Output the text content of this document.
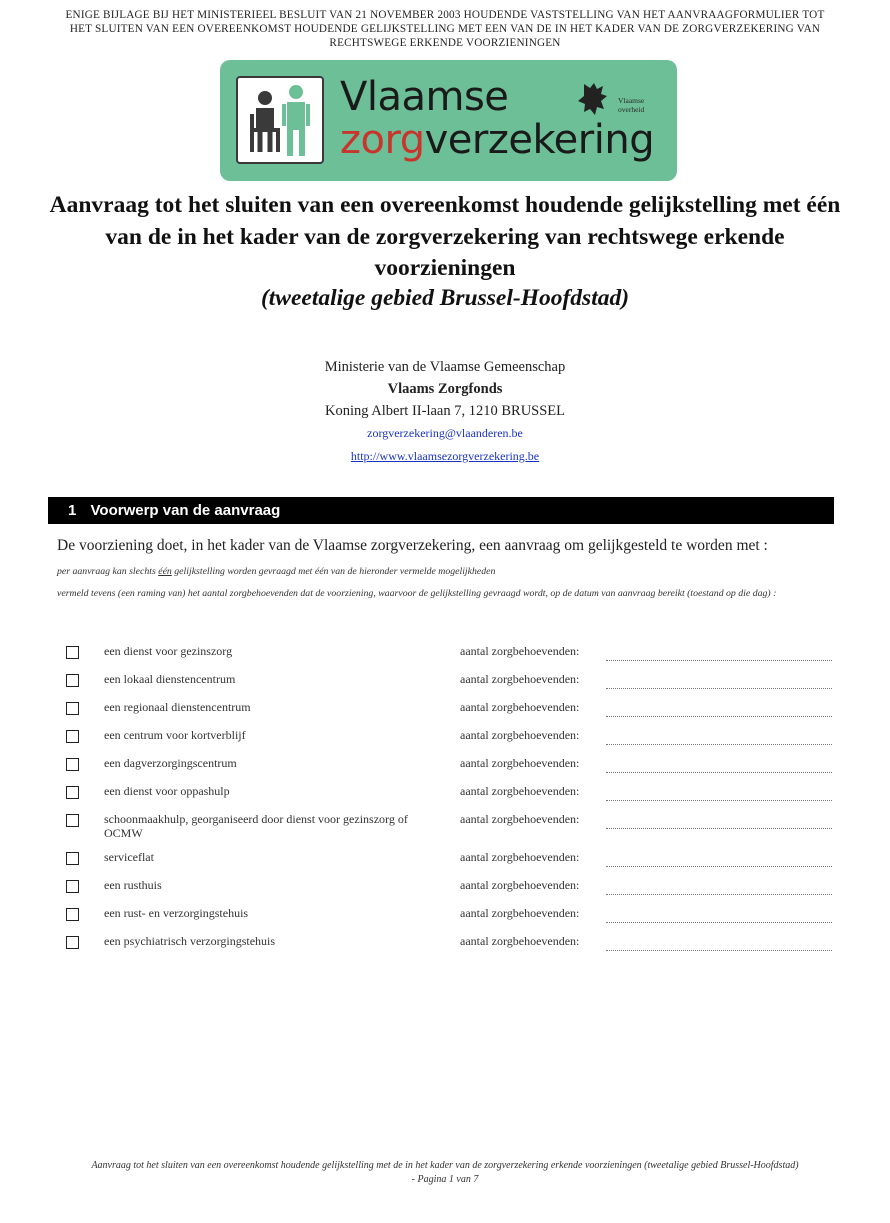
ENIGE BIJLAGE BIJ HET MINISTERIEEL BESLUIT VAN 21 NOVEMBER 2003 HOUDENDE VASTSTELLING VAN HET AANVRAAGFORMULIER TOT HET SLUITEN VAN EEN OVEREENKOMST HOUDENDE GELIJKSTELLING MET EEN VAN DE IN HET KADER VAN DE ZORGVERZEKERING VAN RECHTSWEGE ERKENDE VOORZIENINGEN
Vlaamse
zorgverzekering
Vlaamse
overheid
Aanvraag tot het sluiten van een overeenkomst houdende gelijkstelling met één van de in het kader van de zorgverzekering van rechtswege erkende voorzieningen
(tweetalige gebied Brussel-Hoofdstad)
Ministerie van de Vlaamse Gemeenschap
Vlaams Zorgfonds
Koning Albert II-laan 7, 1210 BRUSSEL
zorgverzekering@vlaanderen.be
http://www.vlaamsezorgverzekering.be
1 Voorwerp van de aanvraag
De voorziening doet, in het kader van de Vlaamse zorgverzekering, een aanvraag om gelijkgesteld te worden met :
per aanvraag kan slechts één gelijkstelling worden gevraagd met één van de hieronder vermelde mogelijkheden
vermeld tevens (een raming van) het aantal zorgbehoevenden dat de voorziening, waarvoor de gelijkstelling gevraagd wordt, op de datum van aanvraag bereikt (toestand op die dag) :
een dienst voor gezinszorg	aantal zorgbehoevenden:
een lokaal dienstencentrum	aantal zorgbehoevenden:
een regionaal dienstencentrum	aantal zorgbehoevenden:
een centrum voor kortverblijf	aantal zorgbehoevenden:
een dagverzorgingscentrum	aantal zorgbehoevenden:
een dienst voor oppashulp	aantal zorgbehoevenden:
schoonmaakhulp, georganiseerd door dienst voor gezinszorg of OCMW
aantal zorgbehoevenden:
serviceflat	aantal zorgbehoevenden:
een rusthuis	aantal zorgbehoevenden:
een rust- en verzorgingstehuis	aantal zorgbehoevenden:
een psychiatrisch verzorgingstehuis	aantal zorgbehoevenden:
Aanvraag tot het sluiten van een overeenkomst houdende gelijkstelling met de in het kader van de zorgverzekering erkende voorzieningen (tweetalige gebied Brussel-Hoofdstad)
- Pagina 1 van 7
